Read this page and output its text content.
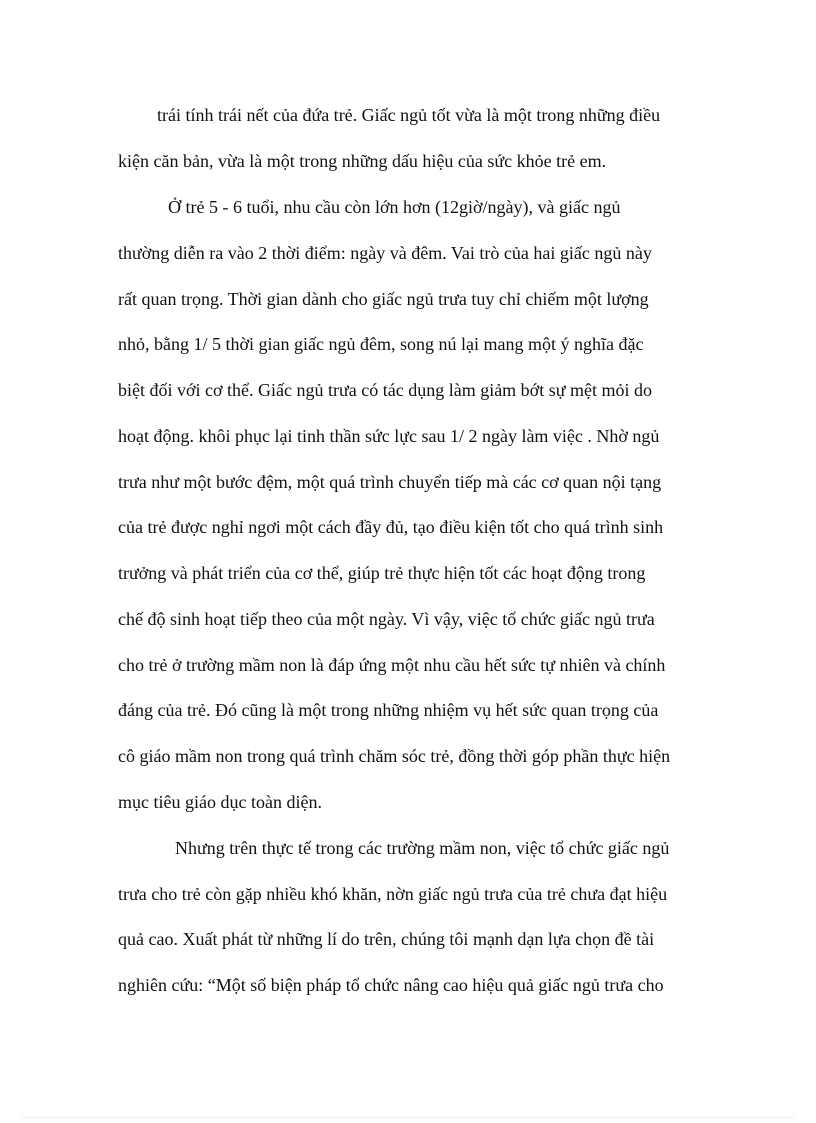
trái tính trái nết của đứa trẻ. Giấc ngủ tốt vừa là một trong những điều
kiện căn bản, vừa là một trong những dấu hiệu của sức khỏe trẻ em.
Ở trẻ 5 - 6 tuổi, nhu cầu còn lớn hơn (12giờ/ngày), và giấc ngủ
thường diễn ra vào 2 thời điểm: ngày và đêm. Vai trò của hai giấc ngủ này
rất quan trọng. Thời gian dành cho giấc ngủ trưa tuy chỉ chiếm một lượng
nhỏ, bằng 1/ 5 thời gian giấc ngủ đêm, song nú lại mang một ý nghĩa đặc
biệt đối với cơ thể. Giấc ngủ trưa có tác dụng làm giảm bớt sự mệt mỏi do
hoạt động. khôi phục lại tinh thần sức lực sau 1/ 2 ngày làm việc . Nhờ ngủ
trưa như một bước đệm, một quá trình chuyển tiếp mà các cơ quan nội tạng
của trẻ được nghỉ ngơi một cách đầy đủ, tạo điều kiện tốt cho quá trình sinh
trưởng và phát triển của cơ thể, giúp trẻ thực hiện tốt các hoạt động trong
chế độ sinh hoạt tiếp theo của một ngày. Vì vậy, việc tổ chức giấc ngủ trưa
cho trẻ ở trường mầm non là đáp ứng một nhu cầu hết sức tự nhiên và chính
đáng của trẻ. Đó cũng là một trong những nhiệm vụ hết sức quan trọng của
cô giáo mầm non trong quá trình chăm sóc trẻ, đồng thời góp phần thực hiện
mục tiêu giáo dục toàn diện.
Nhưng trên thực tế trong các trường mầm non, việc tổ chức giấc ngủ
trưa cho trẻ còn gặp nhiều khó khăn, nờn giấc ngủ trưa của trẻ chưa đạt hiệu
quả cao. Xuất phát từ những lí do trên, chúng tôi mạnh dạn lựa chọn đề tài
nghiên cứu: “Một số biện pháp tổ chức nâng cao hiệu quả giấc ngủ trưa cho
